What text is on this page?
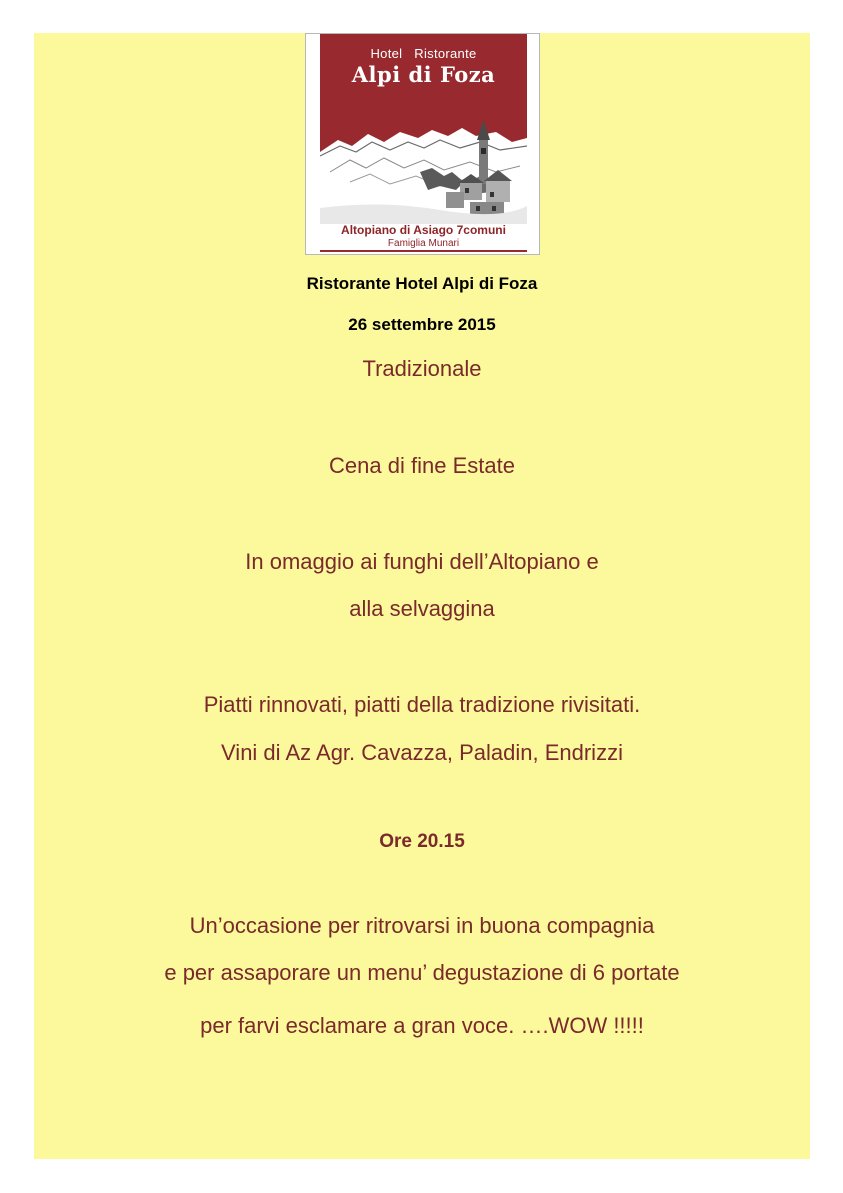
Hotel Ristorante
Alpi di Foza
Altopiano di Asiago 7comuni
Famiglia Munari
Ristorante Hotel Alpi di Foza
26 settembre 2015
Tradizionale
Cena di fine Estate
In omaggio ai funghi dell’Altopiano e
alla selvaggina
Piatti rinnovati, piatti della tradizione rivisitati.
Vini di Az Agr. Cavazza, Paladin, Endrizzi
Ore 20.15
Un’occasione per ritrovarsi in buona compagnia
e per assaporare un menu’ degustazione di 6 portate
per farvi esclamare a gran voce. ….WOW !!!!!
